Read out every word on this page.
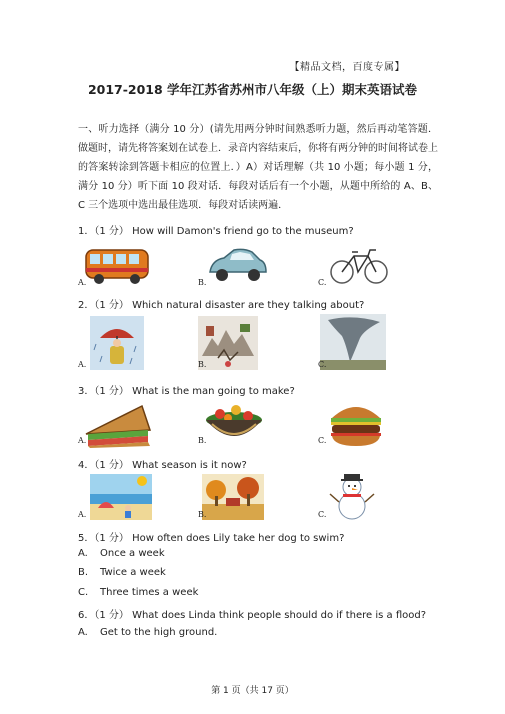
【精品文档，百度专属】
2017-2018 学年江苏省苏州市八年级（上）期末英语试卷
一、听力选择（满分 10 分）(请先用两分钟时间熟悉听力题，然后再动笔答题．做题时，请先将答案划在试卷上．录音内容结束后，你将有两分钟的时间将试卷上的答案转涂到答题卡相应的位置上．）A）对话理解（共 10 小题；每小题 1 分，满分 10 分）听下面 10 段对话．每段对话后有一个小题，从题中所给的 A、B、C 三个选项中选出最佳选项．每段对话读两遍．
1．（1 分） How will Damon's friend go to the museum?
A.	B.	C.
2．（1 分） Which natural disaster are they talking about?
A.	B.	C.
3．（1 分） What is the man going to make?
A.	B.	C.
4．（1 分） What season is it now?
A.	B.	C.
5．（1 分） How often does Lily take her dog to swim?
A. Once a week
B. Twice a week
C. Three times a week
6．（1 分） What does Linda think people should do if there is a flood?
A. Get to the high ground.
第 1 页（共 17 页）
